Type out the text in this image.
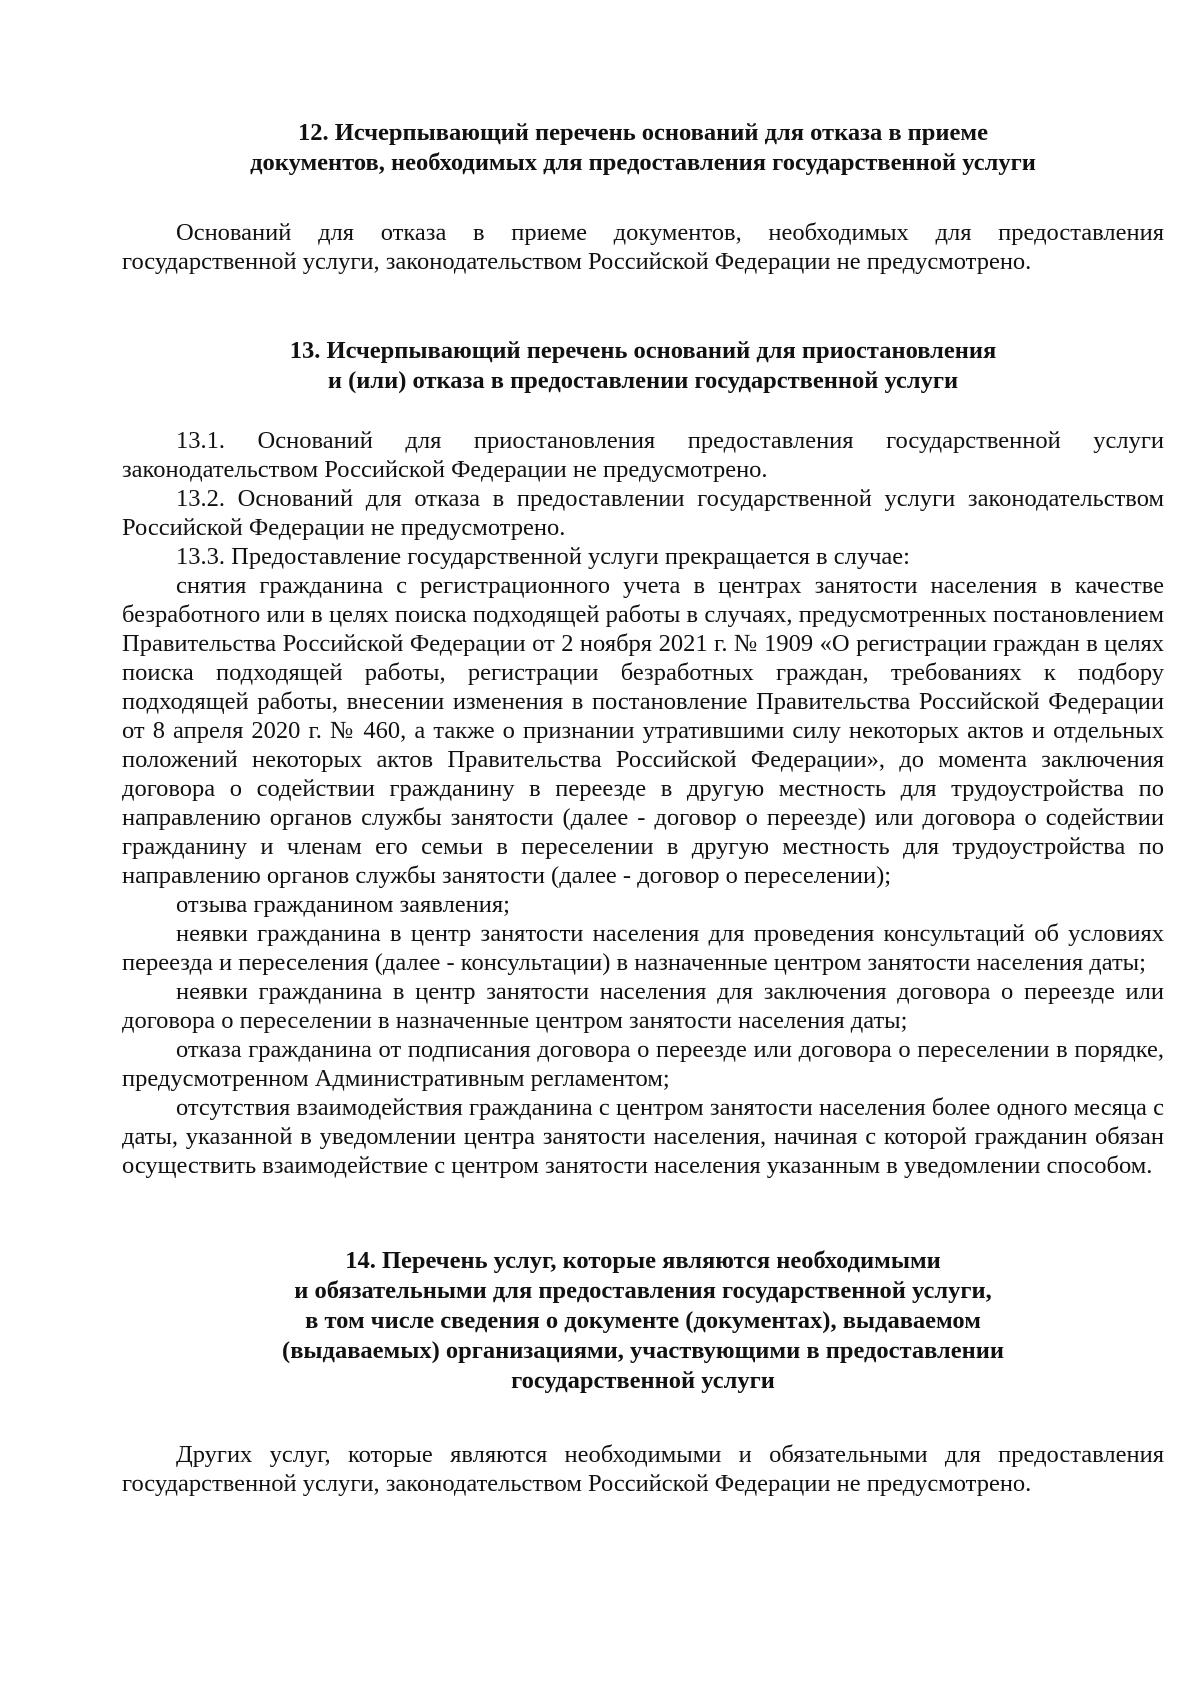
12. Исчерпывающий перечень оснований для отказа в приеме
документов, необходимых для предоставления государственной услуги

Оснований для отказа в приеме документов, необходимых для предоставления государственной услуги, законодательством Российской Федерации не предусмотрено.

13. Исчерпывающий перечень оснований для приостановления
и (или) отказа в предоставлении государственной услуги

13.1. Оснований для приостановления предоставления государственной услуги законодательством Российской Федерации не предусмотрено.

13.2. Оснований для отказа в предоставлении государственной услуги законодательством Российской Федерации не предусмотрено.

13.3. Предоставление государственной услуги прекращается в случае:

снятия гражданина с регистрационного учета в центрах занятости населения в качестве безработного или в целях поиска подходящей работы в случаях, предусмотренных постановлением Правительства Российской Федерации от 2 ноября 2021 г. № 1909 «О регистрации граждан в целях поиска подходящей работы, регистрации безработных граждан, требованиях к подбору подходящей работы, внесении изменения в постановление Правительства Российской Федерации от 8 апреля 2020 г. № 460, а также о признании утратившими силу некоторых актов и отдельных положений некоторых актов Правительства Российской Федерации», до момента заключения договора о содействии гражданину в переезде в другую местность для трудоустройства по направлению органов службы занятости (далее - договор о переезде) или договора о содействии гражданину и членам его семьи в переселении в другую местность для трудоустройства по направлению органов службы занятости (далее - договор о переселении);

отзыва гражданином заявления;

неявки гражданина в центр занятости населения для проведения консультаций об условиях переезда и переселения (далее - консультации) в назначенные центром занятости населения даты;

неявки гражданина в центр занятости населения для заключения договора о переезде или договора о переселении в назначенные центром занятости населения даты;

отказа гражданина от подписания договора о переезде или договора о переселении в порядке, предусмотренном Административным регламентом;

отсутствия взаимодействия гражданина с центром занятости населения более одного месяца с даты, указанной в уведомлении центра занятости населения, начиная с которой гражданин обязан осуществить взаимодействие с центром занятости населения указанным в уведомлении способом.

14. Перечень услуг, которые являются необходимыми
и обязательными для предоставления государственной услуги,
в том числе сведения о документе (документах), выдаваемом
(выдаваемых) организациями, участвующими в предоставлении
государственной услуги

Других услуг, которые являются необходимыми и обязательными для предоставления государственной услуги, законодательством Российской Федерации не предусмотрено.
